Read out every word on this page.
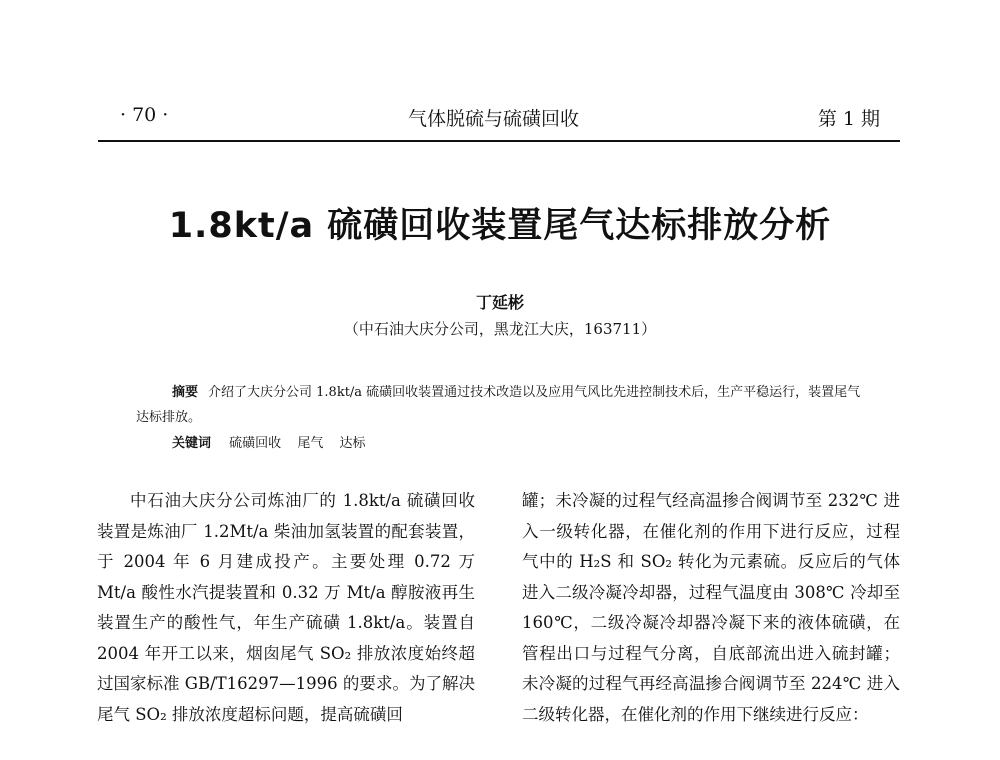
· 70 ·	气体脱硫与硫磺回收	第 1 期
1.8kt/a 硫磺回收装置尾气达标排放分析
丁延彬
（中石油大庆分公司，黑龙江大庆，163711）
摘要 介绍了大庆分公司 1.8kt/a 硫磺回收装置通过技术改造以及应用气风比先进控制技术后，生产平稳运行，装置尾气达标排放。
关键词 硫磺回收 尾气 达标

中石油大庆分公司炼油厂的 1.8kt/a 硫磺回收装置是炼油厂 1.2Mt/a 柴油加氢装置的配套装置，于 2004 年 6 月建成投产。主要处理 0.72 万 Mt/a 酸性水汽提装置和 0.32 万 Mt/a 醇胺液再生装置生产的酸性气，年生产硫磺 1.8kt/a。装置自 2004 年开工以来，烟囱尾气 SO₂ 排放浓度始终超过国家标准 GB/T16297—1996 的要求。为了解决尾气 SO₂ 排放浓度超标问题，提高硫磺回

罐；未冷凝的过程气经高温掺合阀调节至 232℃ 进入一级转化器，在催化剂的作用下进行反应，过程气中的 H₂S 和 SO₂ 转化为元素硫。反应后的气体进入二级冷凝冷却器，过程气温度由 308℃ 冷却至 160℃，二级冷凝冷却器冷凝下来的液体硫磺，在管程出口与过程气分离，自底部流出进入硫封罐；未冷凝的过程气再经高温掺合阀调节至 224℃ 进入二级转化器，在催化剂的作用下继续进行反应：
